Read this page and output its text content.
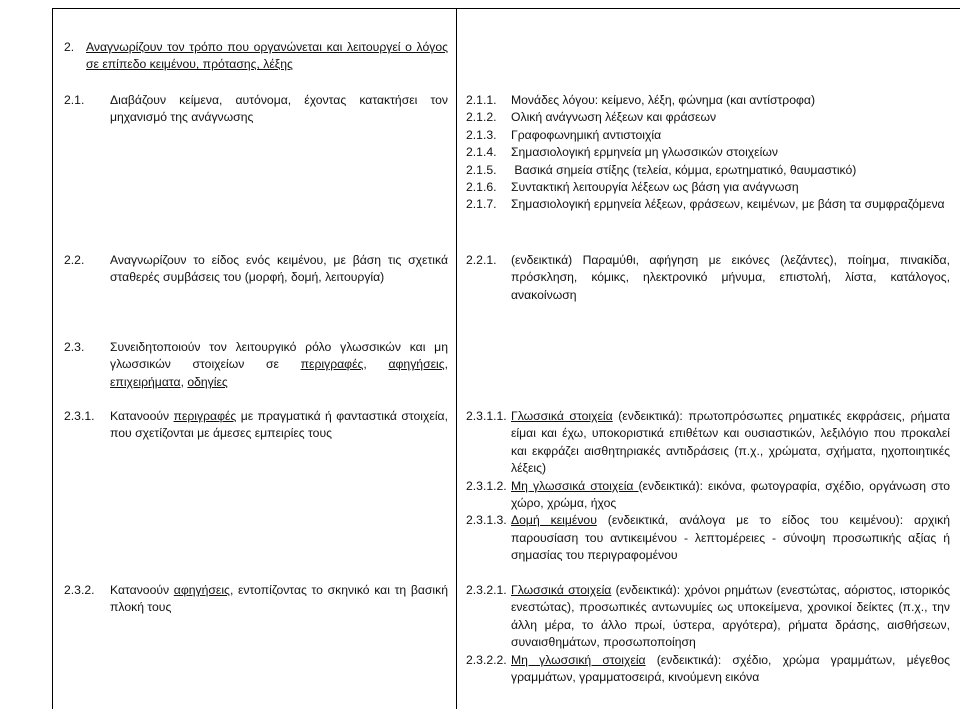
2. Αναγνωρίζουν τον τρόπο που οργανώνεται και λειτουργεί ο λόγος σε επίπεδο κειμένου, πρότασης, λέξης
2.1. Διαβάζουν κείμενα, αυτόνομα, έχοντας κατακτήσει τον μηχανισμό της ανάγνωσης
2.1.1. Μονάδες λόγου: κείμενο, λέξη, φώνημα (και αντίστροφα)
2.1.2. Ολική ανάγνωση λέξεων και φράσεων
2.1.3. Γραφοφωνημική αντιστοιχία
2.1.4. Σημασιολογική ερμηνεία μη γλωσσικών στοιχείων
2.1.5. Βασικά σημεία στίξης (τελεία, κόμμα, ερωτηματικό, θαυμαστικό)
2.1.6. Συντακτική λειτουργία λέξεων ως βάση για ανάγνωση
2.1.7. Σημασιολογική ερμηνεία λέξεων, φράσεων, κειμένων, με βάση τα συμφραζόμενα
2.2. Αναγνωρίζουν το είδος ενός κειμένου, με βάση τις σχετικά σταθερές συμβάσεις του (μορφή, δομή, λειτουργία)
2.2.1. (ενδεικτικά) Παραμύθι, αφήγηση με εικόνες (λεζάντες), ποίημα, πινακίδα, πρόσκληση, κόμικς, ηλεκτρονικό μήνυμα, επιστολή, λίστα, κατάλογος, ανακοίνωση
2.3. Συνειδητοποιούν τον λειτουργικό ρόλο γλωσσικών και μη γλωσσικών στοιχείων σε περιγραφές, αφηγήσεις, επιχειρήματα, οδηγίες
2.3.1. Κατανοούν περιγραφές με πραγματικά ή φανταστικά στοιχεία, που σχετίζονται με άμεσες εμπειρίες τους
2.3.1.1. Γλωσσικά στοιχεία (ενδεικτικά): πρωτοπρόσωπες ρηματικές εκφράσεις, ρήματα είμαι και έχω, υποκοριστικά επιθέτων και ουσιαστικών, λεξιλόγιο που προκαλεί και εκφράζει αισθητηριακές αντιδράσεις (π.χ., χρώματα, σχήματα, ηχοποιητικές λέξεις)
2.3.1.2. Μη γλωσσικά στοιχεία (ενδεικτικά): εικόνα, φωτογραφία, σχέδιο, οργάνωση στο χώρο, χρώμα, ήχος
2.3.1.3. Δομή κειμένου (ενδεικτικά, ανάλογα με το είδος του κειμένου): αρχική παρουσίαση του αντικειμένου - λεπτομέρειες - σύνοψη προσωπικής αξίας ή σημασίας του περιγραφομένου
2.3.2. Κατανοούν αφηγήσεις, εντοπίζοντας το σκηνικό και τη βασική πλοκή τους
2.3.2.1. Γλωσσικά στοιχεία (ενδεικτικά): χρόνοι ρημάτων (ενεστώτας, αόριστος, ιστορικός ενεστώτας), προσωπικές αντωνυμίες ως υποκείμενα, χρονικοί δείκτες (π.χ., την άλλη μέρα, το άλλο πρωί, ύστερα, αργότερα), ρήματα δράσης, αισθήσεων, συναισθημάτων, προσωποποίηση
2.3.2.2. Μη γλωσσική στοιχεία (ενδεικτικά): σχέδιο, χρώμα γραμμάτων, μέγεθος γραμμάτων, γραμματοσειρά, κινούμενη εικόνα
